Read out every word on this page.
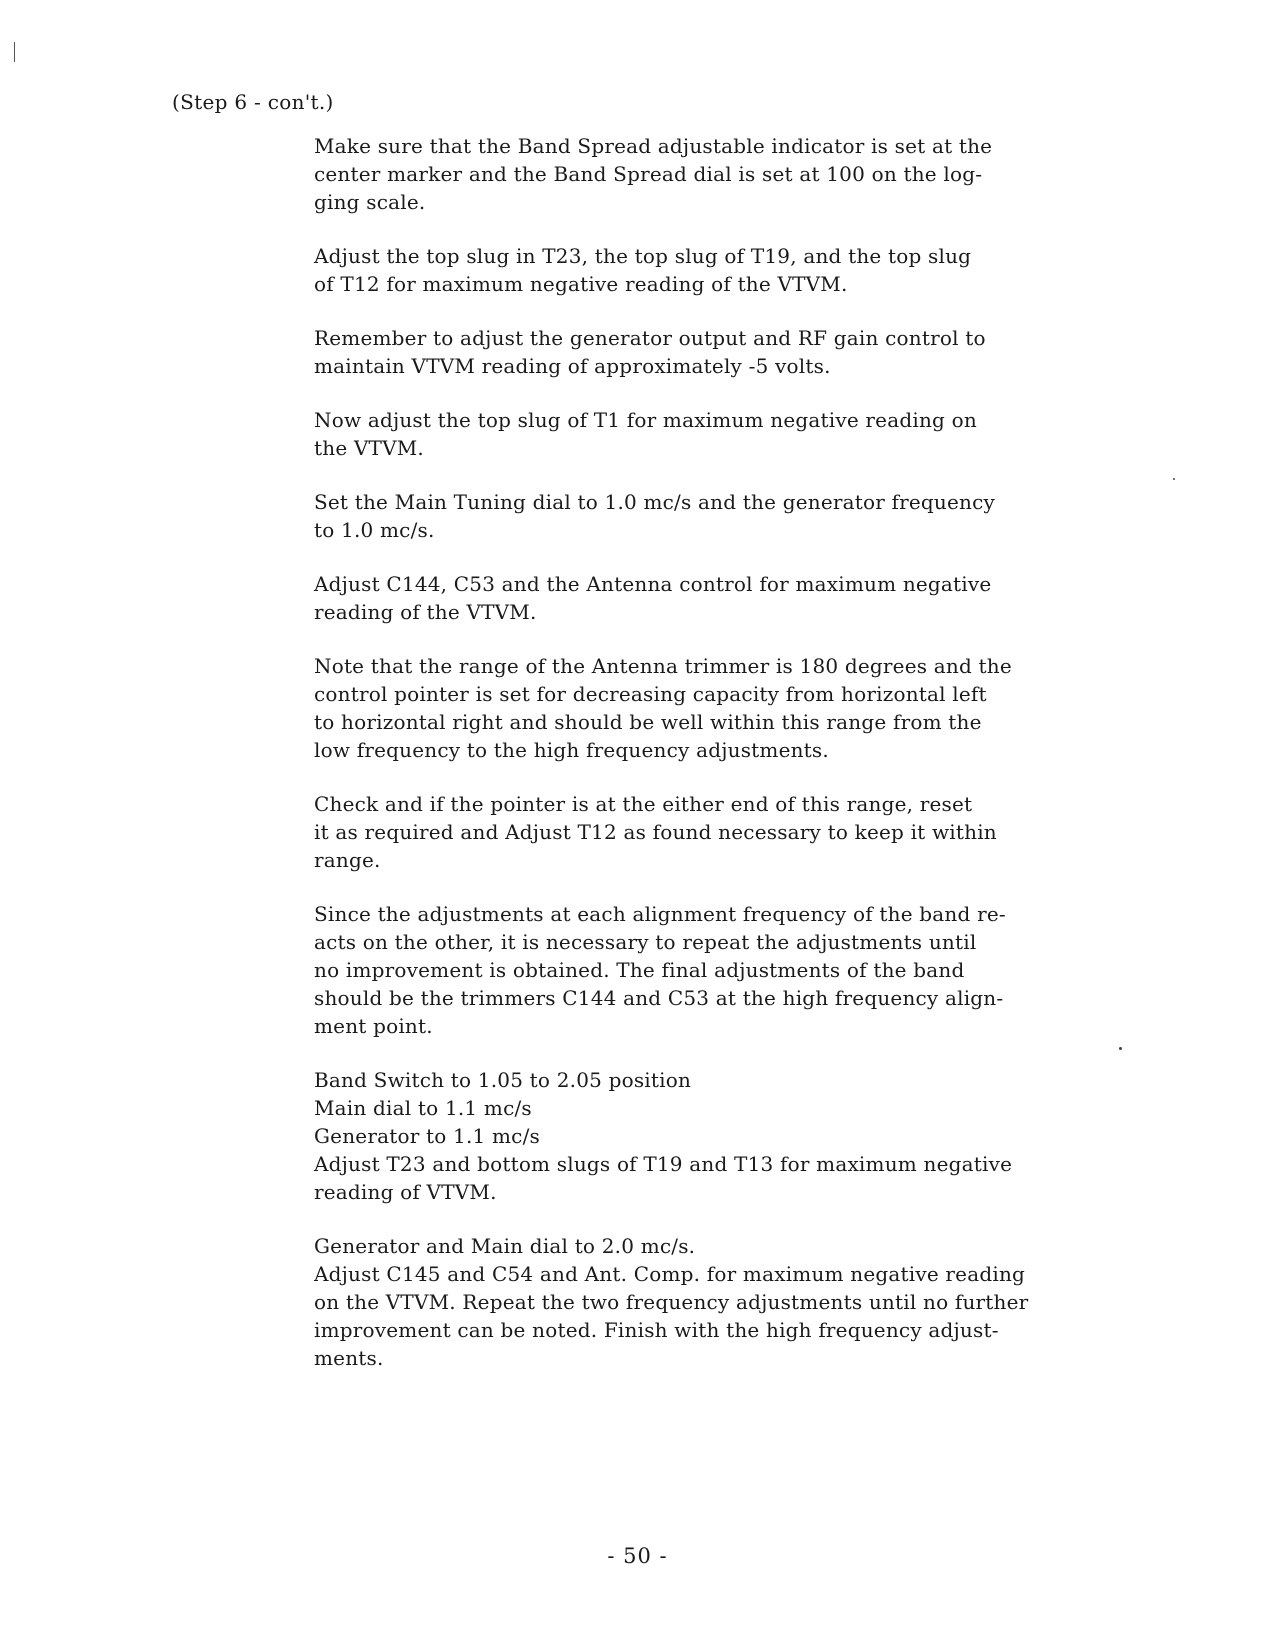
(Step 6 - con't.)

Make sure that the Band Spread adjustable indicator is set at the
center marker and the Band Spread dial is set at 100 on the log-
ging scale.

Adjust the top slug in T23, the top slug of T19, and the top slug
of T12 for maximum negative reading of the VTVM.

Remember to adjust the generator output and RF gain control to
maintain VTVM reading of approximately -5 volts.

Now adjust the top slug of T1 for maximum negative reading on
the VTVM.

Set the Main Tuning dial to 1.0 mc/s and the generator frequency
to 1.0 mc/s.

Adjust C144, C53 and the Antenna control for maximum negative
reading of the VTVM.

Note that the range of the Antenna trimmer is 180 degrees and the
control pointer is set for decreasing capacity from horizontal left
to horizontal right and should be well within this range from the
low frequency to the high frequency adjustments.

Check and if the pointer is at the either end of this range, reset
it as required and Adjust T12 as found necessary to keep it within
range.

Since the adjustments at each alignment frequency of the band re-
acts on the other, it is necessary to repeat the adjustments until
no improvement is obtained. The final adjustments of the band
should be the trimmers C144 and C53 at the high frequency align-
ment point.

Band Switch to 1.05 to 2.05 position
Main dial to 1.1 mc/s
Generator to 1.1 mc/s
Adjust T23 and bottom slugs of T19 and T13 for maximum negative
reading of VTVM.

Generator and Main dial to 2.0 mc/s.
Adjust C145 and C54 and Ant. Comp. for maximum negative reading
on the VTVM. Repeat the two frequency adjustments until no further
improvement can be noted. Finish with the high frequency adjust-
ments.

- 50 -
